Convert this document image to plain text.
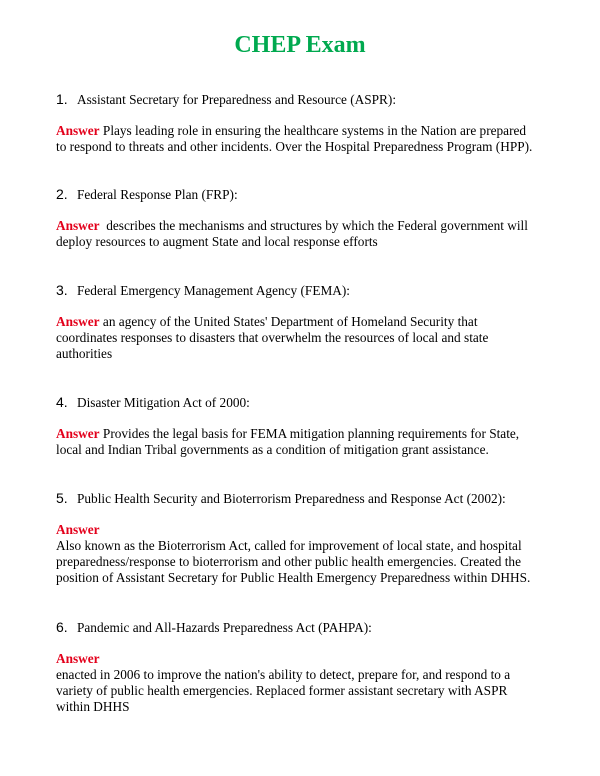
CHEP Exam
1. Assistant Secretary for Preparedness and Resource (ASPR):
Answer Plays leading role in ensuring the healthcare systems in the Nation are prepared
to respond to threats and other incidents. Over the Hospital Preparedness Program (HPP).
2. Federal Response Plan (FRP):
Answer  describes the mechanisms and structures by which the Federal government will
deploy resources to augment State and local response efforts
3. Federal Emergency Management Agency (FEMA):
Answer an agency of the United States' Department of Homeland Security that
coordinates responses to disasters that overwhelm the resources of local and state
authorities
4. Disaster Mitigation Act of 2000:
Answer Provides the legal basis for FEMA mitigation planning requirements for State,
local and Indian Tribal governments as a condition of mitigation grant assistance.
5. Public Health Security and Bioterrorism Preparedness and Response Act (2002):
Answer
Also known as the Bioterrorism Act, called for improvement of local state, and hospital
preparedness/response to bioterrorism and other public health emergencies. Created the
position of Assistant Secretary for Public Health Emergency Preparedness within DHHS.
6. Pandemic and All-Hazards Preparedness Act (PAHPA):
Answer
enacted in 2006 to improve the nation's ability to detect, prepare for, and respond to a
variety of public health emergencies. Replaced former assistant secretary with ASPR
within DHHS
